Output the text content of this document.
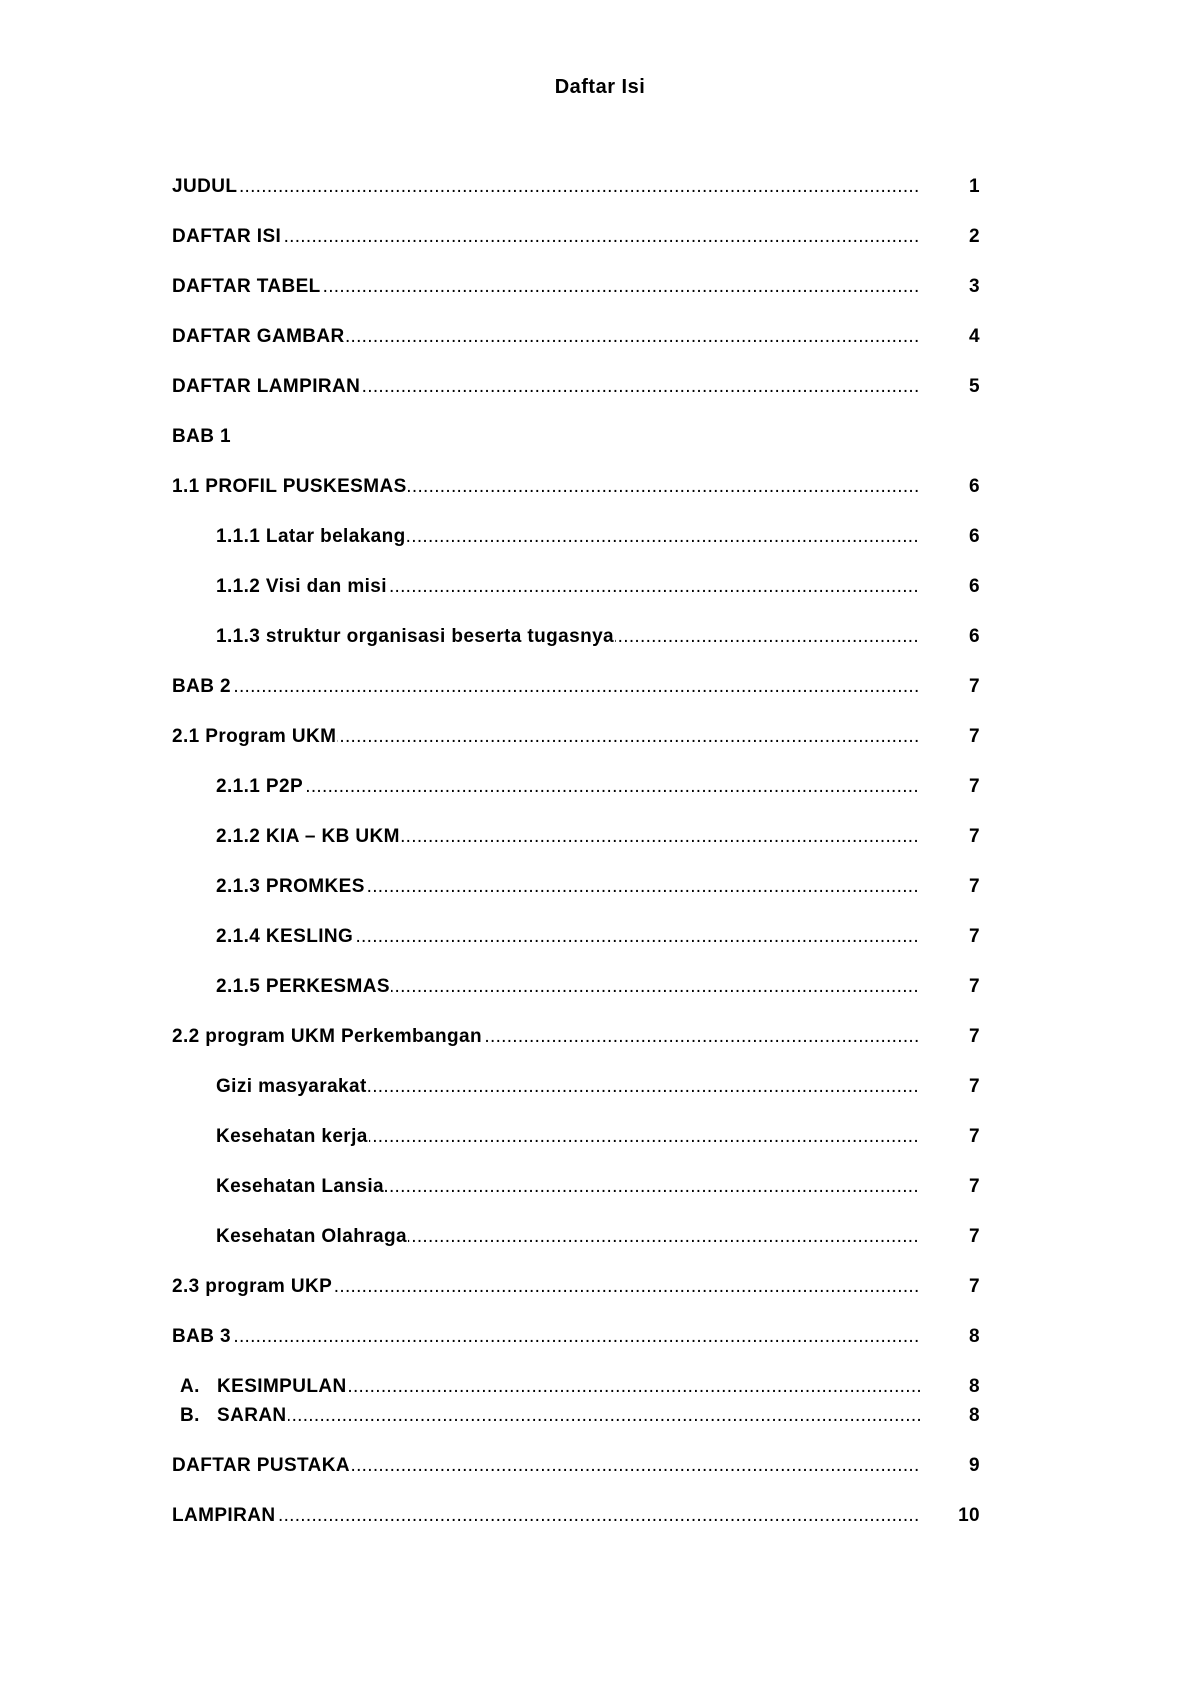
Daftar Isi
JUDUL .....	1
DAFTAR ISI .....	2
DAFTAR TABEL .....	3
DAFTAR GAMBAR .....	4
DAFTAR LAMPIRAN .....	5
BAB 1
1.1 PROFIL PUSKESMAS .....	6
1.1.1 Latar belakang .....	6
1.1.2 Visi dan misi .....	6
1.1.3 struktur organisasi beserta tugasnya .....	6
BAB 2 .....	7
2.1 Program UKM .....	7
2.1.1 P2P .....	7
2.1.2 KIA – KB UKM .....	7
2.1.3 PROMKES .....	7
2.1.4 KESLING .....	7
2.1.5 PERKESMAS .....	7
2.2 program UKM Perkembangan .....	7
Gizi masyarakat .....	7
Kesehatan kerja .....	7
Kesehatan Lansia .....	7
Kesehatan Olahraga .....	7
2.3 program UKP .....	7
BAB 3 .....	8
A. KESIMPULAN .....	8
B. SARAN .....	8
DAFTAR PUSTAKA .....	9
LAMPIRAN .....	10
